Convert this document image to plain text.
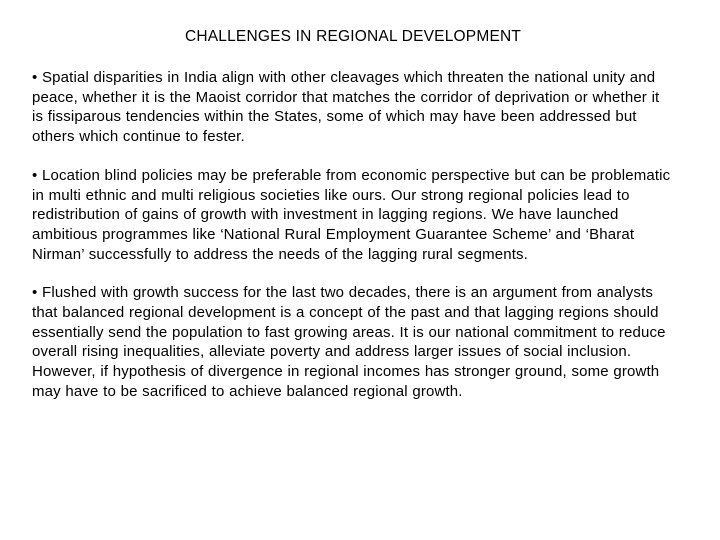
CHALLENGES IN REGIONAL DEVELOPMENT
• Spatial disparities in India align with other cleavages which threaten the national unity and peace, whether it is the Maoist corridor that matches the corridor of deprivation or whether it is fissiparous tendencies within the States, some of which may have been addressed but others which continue to fester.
• Location blind policies may be preferable from economic perspective but can be problematic in multi ethnic and multi religious societies like ours. Our strong regional policies lead to redistribution of gains of growth with investment in lagging regions. We have launched ambitious programmes like ‘National Rural Employment Guarantee Scheme’ and ‘Bharat Nirman’ successfully to address the needs of the lagging rural segments.
• Flushed with growth success for the last two decades, there is an argument from analysts that balanced regional development is a concept of the past and that lagging regions should essentially send the population to fast growing areas. It is our national commitment to reduce overall rising inequalities, alleviate poverty and address larger issues of social inclusion. However, if hypothesis of divergence in regional incomes has stronger ground, some growth may have to be sacrificed to achieve balanced regional growth.
